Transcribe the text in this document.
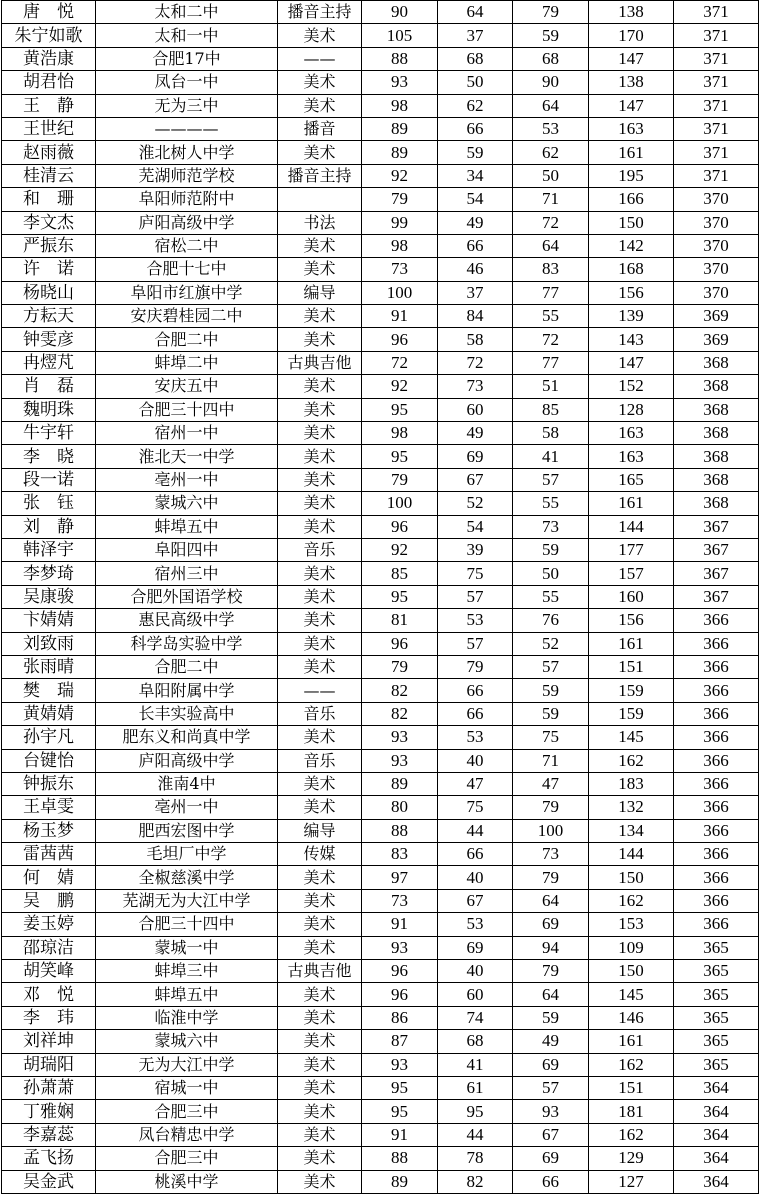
唐　悦	太和二中	播音主持	90	64	79	138	371
朱宁如歌	太和一中	美术	105	37	59	170	371
黄浩康	合肥17中	——	88	68	68	147	371
胡君怡	凤台一中	美术	93	50	90	138	371
王　静	无为三中	美术	98	62	64	147	371
王世纪	————	播音	89	66	53	163	371
赵雨薇	淮北树人中学	美术	89	59	62	161	371
桂清云	芜湖师范学校	播音主持	92	34	50	195	371
和　珊	阜阳师范附中		79	54	71	166	370
李文杰	庐阳高级中学	书法	99	49	72	150	370
严振东	宿松二中	美术	98	66	64	142	370
许　诺	合肥十七中	美术	73	46	83	168	370
杨晓山	阜阳市红旗中学	编导	100	37	77	156	370
方耘天	安庆碧桂园二中	美术	91	84	55	139	369
钟雯彦	合肥二中	美术	96	58	72	143	369
冉熤芃	蚌埠二中	古典吉他	72	72	77	147	368
肖　磊	安庆五中	美术	92	73	51	152	368
魏明珠	合肥三十四中	美术	95	60	85	128	368
牛宇轩	宿州一中	美术	98	49	58	163	368
李　晓	淮北天一中学	美术	95	69	41	163	368
段一诺	亳州一中	美术	79	67	57	165	368
张　钰	蒙城六中	美术	100	52	55	161	368
刘　静	蚌埠五中	美术	96	54	73	144	367
韩泽宇	阜阳四中	音乐	92	39	59	177	367
李梦琦	宿州三中	美术	85	75	50	157	367
吴康骏	合肥外国语学校	美术	95	57	55	160	367
卞婧婧	惠民高级中学	美术	81	53	76	156	366
刘致雨	科学岛实验中学	美术	96	57	52	161	366
张雨晴	合肥二中	美术	79	79	57	151	366
樊　瑞	阜阳附属中学	——	82	66	59	159	366
黄婧婧	长丰实验高中	音乐	82	66	59	159	366
孙宇凡	肥东义和尚真中学	美术	93	53	75	145	366
台键怡	庐阳高级中学	音乐	93	40	71	162	366
钟振东	淮南4中	美术	89	47	47	183	366
王卓雯	亳州一中	美术	80	75	79	132	366
杨玉梦	肥西宏图中学	编导	88	44	100	134	366
雷茜茜	毛坦厂中学	传媒	83	66	73	144	366
何　婧	全椒慈溪中学	美术	97	40	79	150	366
吴　鹏	芜湖无为大江中学	美术	73	67	64	162	366
姜玉婷	合肥三十四中	美术	91	53	69	153	366
邵琼洁	蒙城一中	美术	93	69	94	109	365
胡笑峰	蚌埠三中	古典吉他	96	40	79	150	365
邓　悦	蚌埠五中	美术	96	60	64	145	365
李　玮	临淮中学	美术	86	74	59	146	365
刘祥坤	蒙城六中	美术	87	68	49	161	365
胡瑞阳	无为大江中学	美术	93	41	69	162	365
孙萧萧	宿城一中	美术	95	61	57	151	364
丁雅娴	合肥三中	美术	95	95	93	181	364
李嘉蕊	凤台精忠中学	美术	91	44	67	162	364
孟飞扬	合肥三中	美术	88	78	69	129	364
吴金武	桃溪中学	美术	89	82	66	127	364
